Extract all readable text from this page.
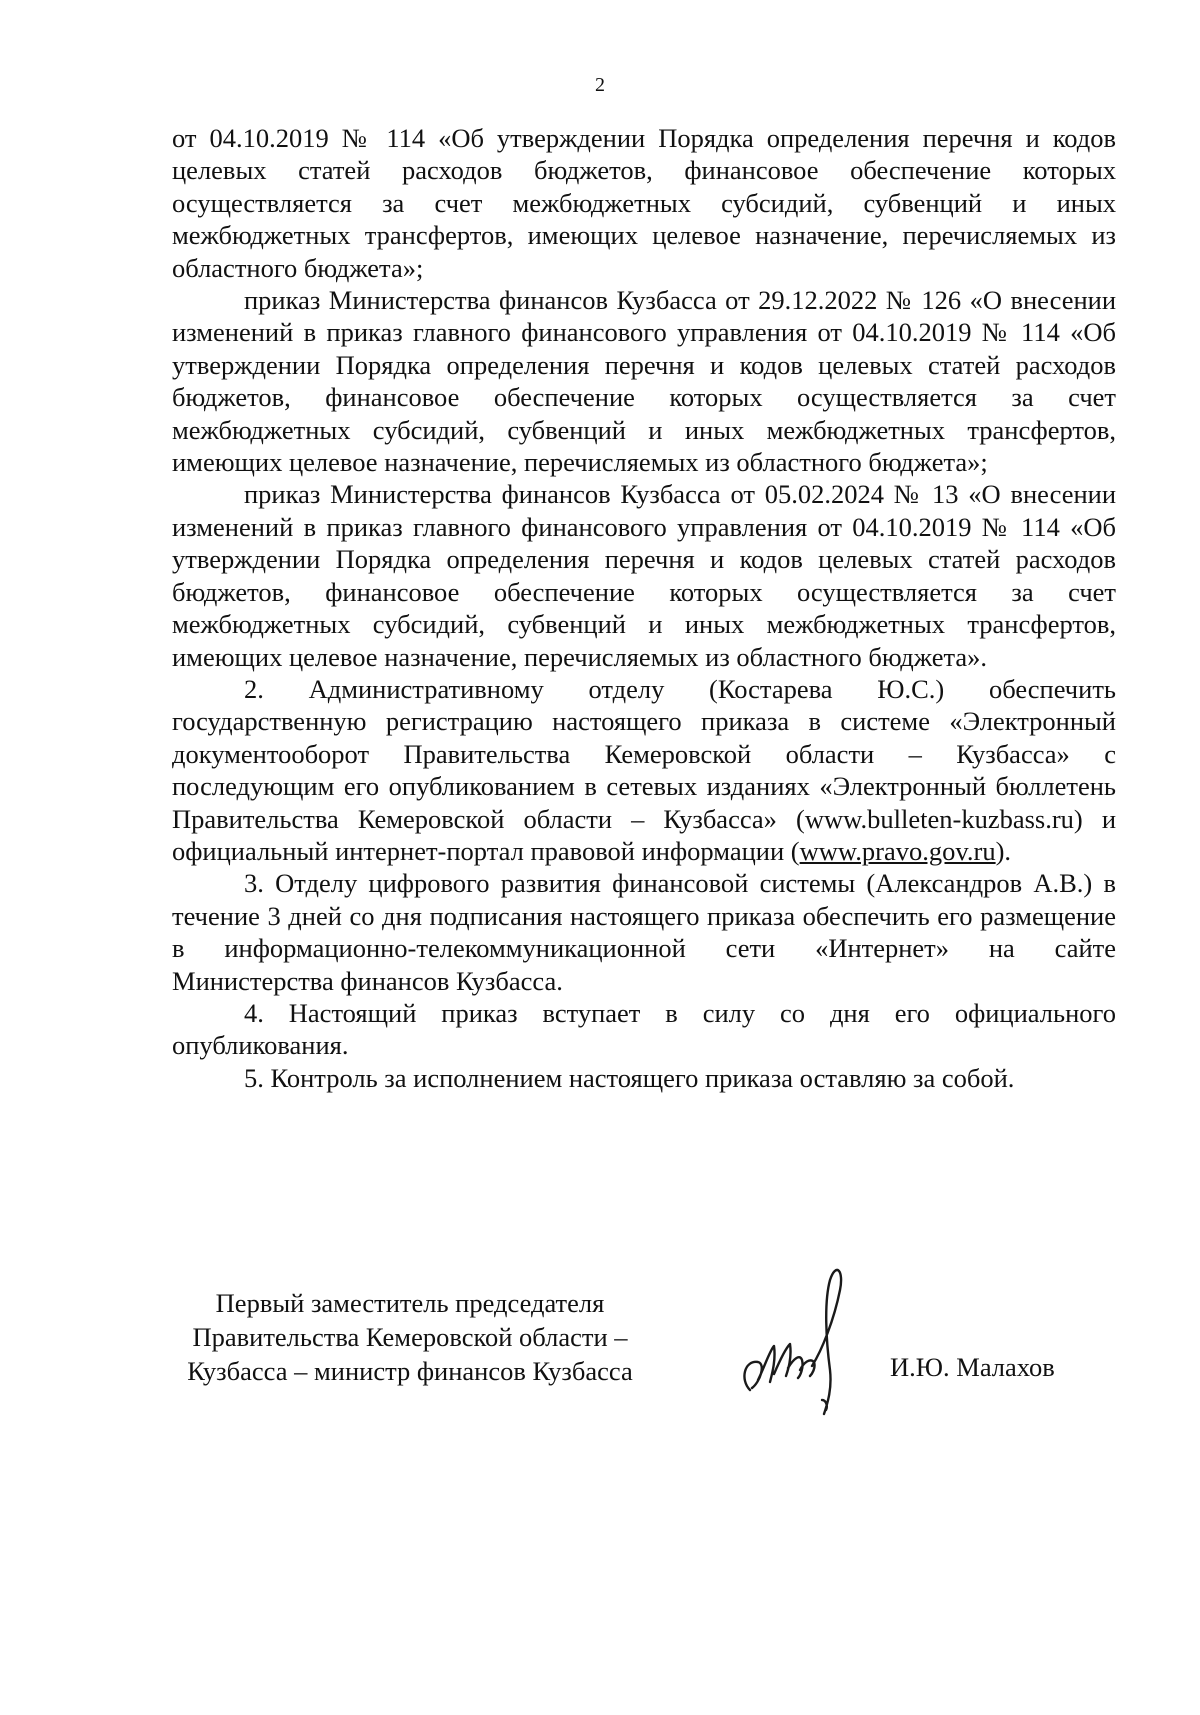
2

от 04.10.2019 № 114 «Об утверждении Порядка определения перечня и кодов целевых статей расходов бюджетов, финансовое обеспечение которых осуществляется за счет межбюджетных субсидий, субвенций и иных межбюджетных трансфертов, имеющих целевое назначение, перечисляемых из областного бюджета»;

приказ Министерства финансов Кузбасса от 29.12.2022 № 126 «О внесении изменений в приказ главного финансового управления от 04.10.2019 № 114 «Об утверждении Порядка определения перечня и кодов целевых статей расходов бюджетов, финансовое обеспечение которых осуществляется за счет межбюджетных субсидий, субвенций и иных межбюджетных трансфертов, имеющих целевое назначение, перечисляемых из областного бюджета»;

приказ Министерства финансов Кузбасса от 05.02.2024 № 13 «О внесении изменений в приказ главного финансового управления от 04.10.2019 № 114 «Об утверждении Порядка определения перечня и кодов целевых статей расходов бюджетов, финансовое обеспечение которых осуществляется за счет межбюджетных субсидий, субвенций и иных межбюджетных трансфертов, имеющих целевое назначение, перечисляемых из областного бюджета».

2. Административному отделу (Костарева Ю.С.) обеспечить государственную регистрацию настоящего приказа в системе «Электронный документооборот Правительства Кемеровской области – Кузбасса» с последующим его опубликованием в сетевых изданиях «Электронный бюллетень Правительства Кемеровской области – Кузбасса» (www.bulleten-kuzbass.ru) и официальный интернет-портал правовой информации (www.pravo.gov.ru).

3. Отделу цифрового развития финансовой системы (Александров А.В.) в течение 3 дней со дня подписания настоящего приказа обеспечить его размещение в информационно-телекоммуникационной сети «Интернет» на сайте Министерства финансов Кузбасса.

4. Настоящий приказ вступает в силу со дня его официального опубликования.

5. Контроль за исполнением настоящего приказа оставляю за собой.

Первый заместитель председателя
Правительства Кемеровской области –
Кузбасса – министр финансов Кузбасса	И.Ю. Малахов
